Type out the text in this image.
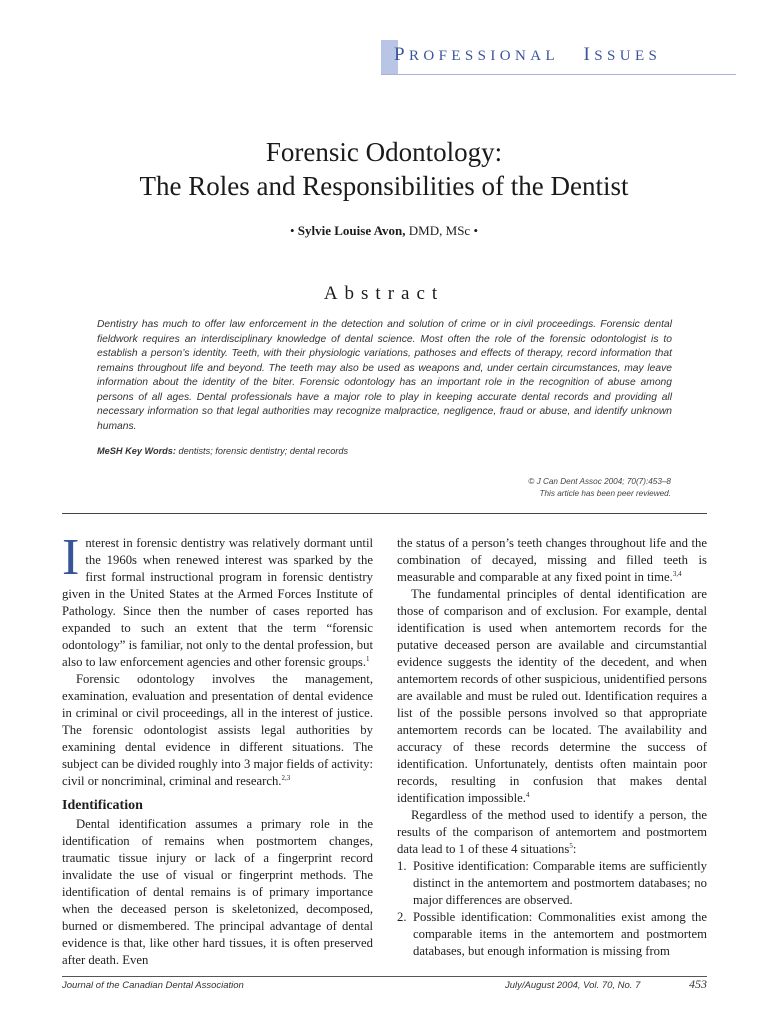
PROFESSIONAL ISSUES
Forensic Odontology:
The Roles and Responsibilities of the Dentist
• Sylvie Louise Avon, DMD, MSc •
Abstract
Dentistry has much to offer law enforcement in the detection and solution of crime or in civil proceedings. Forensic dental fieldwork requires an interdisciplinary knowledge of dental science. Most often the role of the forensic odontologist is to establish a person’s identity. Teeth, with their physiologic variations, pathoses and effects of therapy, record information that remains throughout life and beyond. The teeth may also be used as weapons and, under certain circumstances, may leave information about the identity of the biter. Forensic odontology has an important role in the recognition of abuse among persons of all ages. Dental professionals have a major role to play in keeping accurate dental records and providing all necessary information so that legal authorities may recognize malpractice, negligence, fraud or abuse, and identify unknown humans.
MeSH Key Words: dentists; forensic dentistry; dental records
© J Can Dent Assoc 2004; 70(7):453–8
This article has been peer reviewed.

Interest in forensic dentistry was relatively dormant until the 1960s when renewed interest was sparked by the first formal instructional program in forensic dentistry given in the United States at the Armed Forces Institute of Pathology. Since then the number of cases reported has expanded to such an extent that the term “forensic odontology” is familiar, not only to the dental profession, but also to law enforcement agencies and other forensic groups.$^1$

Forensic odontology involves the management, examination, evaluation and presentation of dental evidence in criminal or civil proceedings, all in the interest of justice. The forensic odontologist assists legal authorities by examining dental evidence in different situations. The subject can be divided roughly into 3 major fields of activity: civil or noncriminal, criminal and research.$^{2,3}$

Identification

Dental identification assumes a primary role in the identification of remains when postmortem changes, traumatic tissue injury or lack of a fingerprint record invalidate the use of visual or fingerprint methods. The identification of dental remains is of primary importance when the deceased person is skeletonized, decomposed, burned or dismembered. The principal advantage of dental evidence is that, like other hard tissues, it is often preserved after death. Even

the status of a person’s teeth changes throughout life and the combination of decayed, missing and filled teeth is measurable and comparable at any fixed point in time.$^{3,4}$

The fundamental principles of dental identification are those of comparison and of exclusion. For example, dental identification is used when antemortem records for the putative deceased person are available and circumstantial evidence suggests the identity of the decedent, and when antemortem records of other suspicious, unidentified persons are available and must be ruled out. Identification requires a list of the possible persons involved so that appropriate antemortem records can be located. The availability and accuracy of these records determine the success of identification. Unfortunately, dentists often maintain poor records, resulting in confusion that makes dental identification impossible.$^4$

Regardless of the method used to identify a person, the results of the comparison of antemortem and postmortem data lead to 1 of these 4 situations$^5$:

1. Positive identification: Comparable items are sufficiently distinct in the antemortem and postmortem databases; no major differences are observed.
2. Possible identification: Commonalities exist among the comparable items in the antemortem and postmortem databases, but enough information is missing from
Journal of the Canadian Dental Association	July/August 2004, Vol. 70, No. 7	453
